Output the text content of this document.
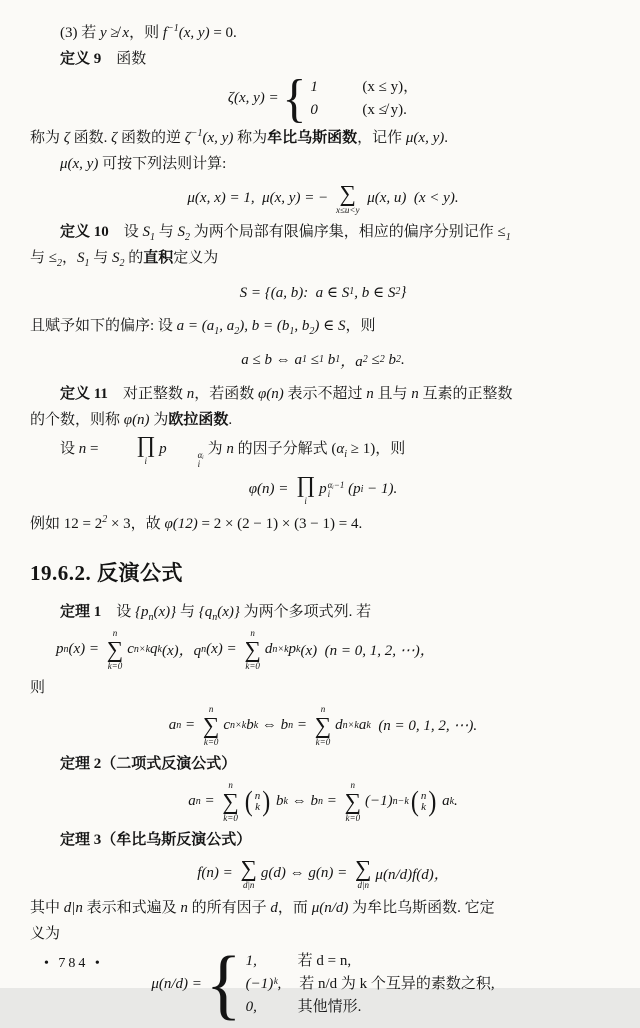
(3) 若 y ≱ x，则 $f^{-1}(x$, y) = 0.
定义 9　函数
ζ(x, y) = { 1	(x ≤ y)，
0	(x ≰ y).
称为 ζ 函数. ζ 函数的逆 $\zeta^{-1}(x$, y) 称为牟比乌斯函数，记作 μ(x, y).
μ(x, y) 可按下列法则计算:
μ(x, x) = 1,  μ(x, y) = − ∑
x≤u<y
μ(x, u)  (x < y).
定义 10　设 $S_1$ 与 $S_2$ 为两个局部有限偏序集，相应的偏序分别记作 $\le_1$
与 $\le_2$，$S_1$ 与 $S_2$ 的直积定义为
S = {(a, b):  a ∈ S 1 , b ∈ S 2 }
且赋予如下的偏序: 设 $a = (a_1$, $a_2$), $b = (b_1$, $b_2$) ∈ S，则
a ≤ b ⇔ a 1 ≤ 1 b 1 ，a 2 ≤ 2 b 2 .
定义 11　对正整数 n，若函数 φ(n) 表示不超过 n 且与 n 互素的正整数
的个数，则称 φ(n) 为欧拉函数.
设 n =	∏
i
p	αᵢ
i
为 n 的因子分解式 $(\alpha_i \ge 1)$，则
φ(n) = ∏
i
p αᵢ−1
i (p i − 1).
例如 $12 = 2^2 \times 3$，故 φ(12) = 2 × (2 − 1) × (3 − 1) = 4.
19.6.2. 反演公式
定理 1　设 $\{p_n(x)\}$ 与 $\{q_n(x)\}$ 为两个多项式列. 若
p n (x) =
n
∑
k=0
c n×k q k (x)，q n (x) =
n
∑
k=0
d n×k p k (x)  (n = 0, 1, 2, ⋯)，
则
a n =
n
∑
k=0
c n×k b k ⇔ b n =
n
∑
k=0
d n×k a k (n = 0, 1, 2, ⋯).
定理 2（二项式反演公式）
a n =
n
∑
k=0
( n
k ) b k ⇔ b n =
n
∑
k=0
(−1) n−k ( n
k ) a k .
定理 3（牟比乌斯反演公式）
f(n) = ∑
d|n
g(d) ⇔ g(n) = ∑
d|n
μ(n/d)f(d)，
其中 d|n 表示和式遍及 n 的所有因子 d，而 μ(n/d) 为牟比乌斯函数. 它定
义为
μ(n/d) = { 1,	若 d = n,
(−1)ᵏ, 若 n/d 为 k 个互异的素数之积,
0,	其他情形.
• 784 •
